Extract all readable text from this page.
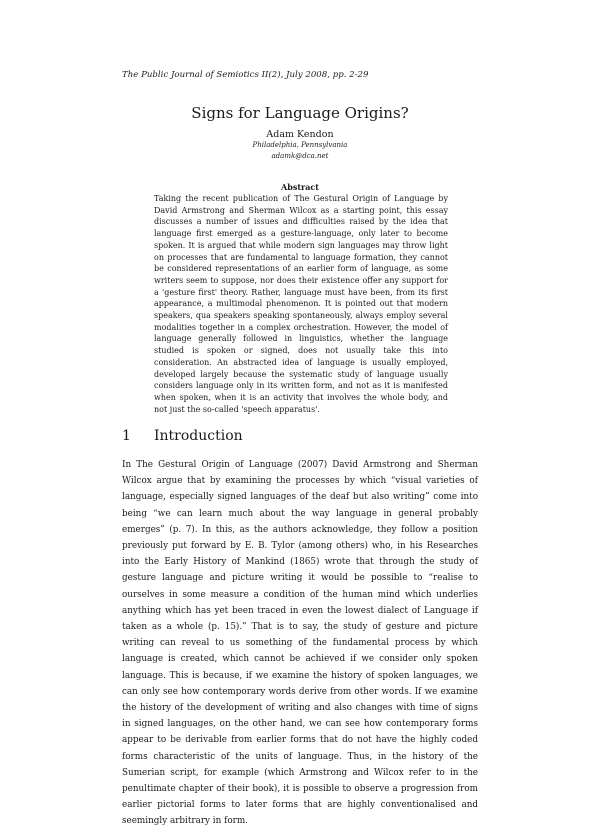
The Public Journal of Semiotics II(2), July 2008, pp. 2-29
Signs for Language Origins?
Adam Kendon
Philadelphia, Pennsylvania
adamk@dca.net
Abstract

Taking the recent publication of The Gestural Origin of Language by David Armstrong and Sherman Wilcox as a starting point, this essay discusses a number of issues and difficulties raised by the idea that language first emerged as a gesture-language, only later to become spoken. It is argued that while modern sign languages may throw light on processes that are fundamental to language formation, they cannot be considered representations of an earlier form of language, as some writers seem to suppose, nor does their existence offer any support for a 'gesture first' theory. Rather, language must have been, from its first appearance, a multimodal phenomenon. It is pointed out that modern speakers, qua speakers speaking spontaneously, always employ several modalities together in a complex orchestration. However, the model of language generally followed in linguistics, whether the language studied is spoken or signed, does not usually take this into consideration. An abstracted idea of language is usually employed, developed largely because the systematic study of language usually considers language only in its written form, and not as it is manifested when spoken, when it is an activity that involves the whole body, and not just the so-called 'speech apparatus'.

1 Introduction

In The Gestural Origin of Language (2007) David Armstrong and Sherman Wilcox argue that by examining the processes by which “visual varieties of language, especially signed languages of the deaf but also writing” come into being “we can learn much about the way language in general probably emerges” (p. 7). In this, as the authors acknowledge, they follow a position previously put forward by E. B. Tylor (among others) who, in his Researches into the Early History of Mankind (1865) wrote that through the study of gesture language and picture writing it would be possible to “realise to ourselves in some measure a condition of the human mind which underlies anything which has yet been traced in even the lowest dialect of Language if taken as a whole (p. 15).” That is to say, the study of gesture and picture writing can reveal to us something of the fundamental process by which language is created, which cannot be achieved if we consider only spoken language. This is because, if we examine the history of spoken languages, we can only see how contemporary words derive from other words. If we examine the history of the development of writing and also changes with time of signs in signed languages, on the other hand, we can see how contemporary forms appear to be derivable from earlier forms that do not have the highly coded forms characteristic of the units of language. Thus, in the history of the Sumerian script, for example (which Armstrong and Wilcox refer to in the penultimate chapter of their book), it is possible to observe a progression from earlier pictorial forms to later forms that are highly conventionalised and seemingly arbitrary in form.
